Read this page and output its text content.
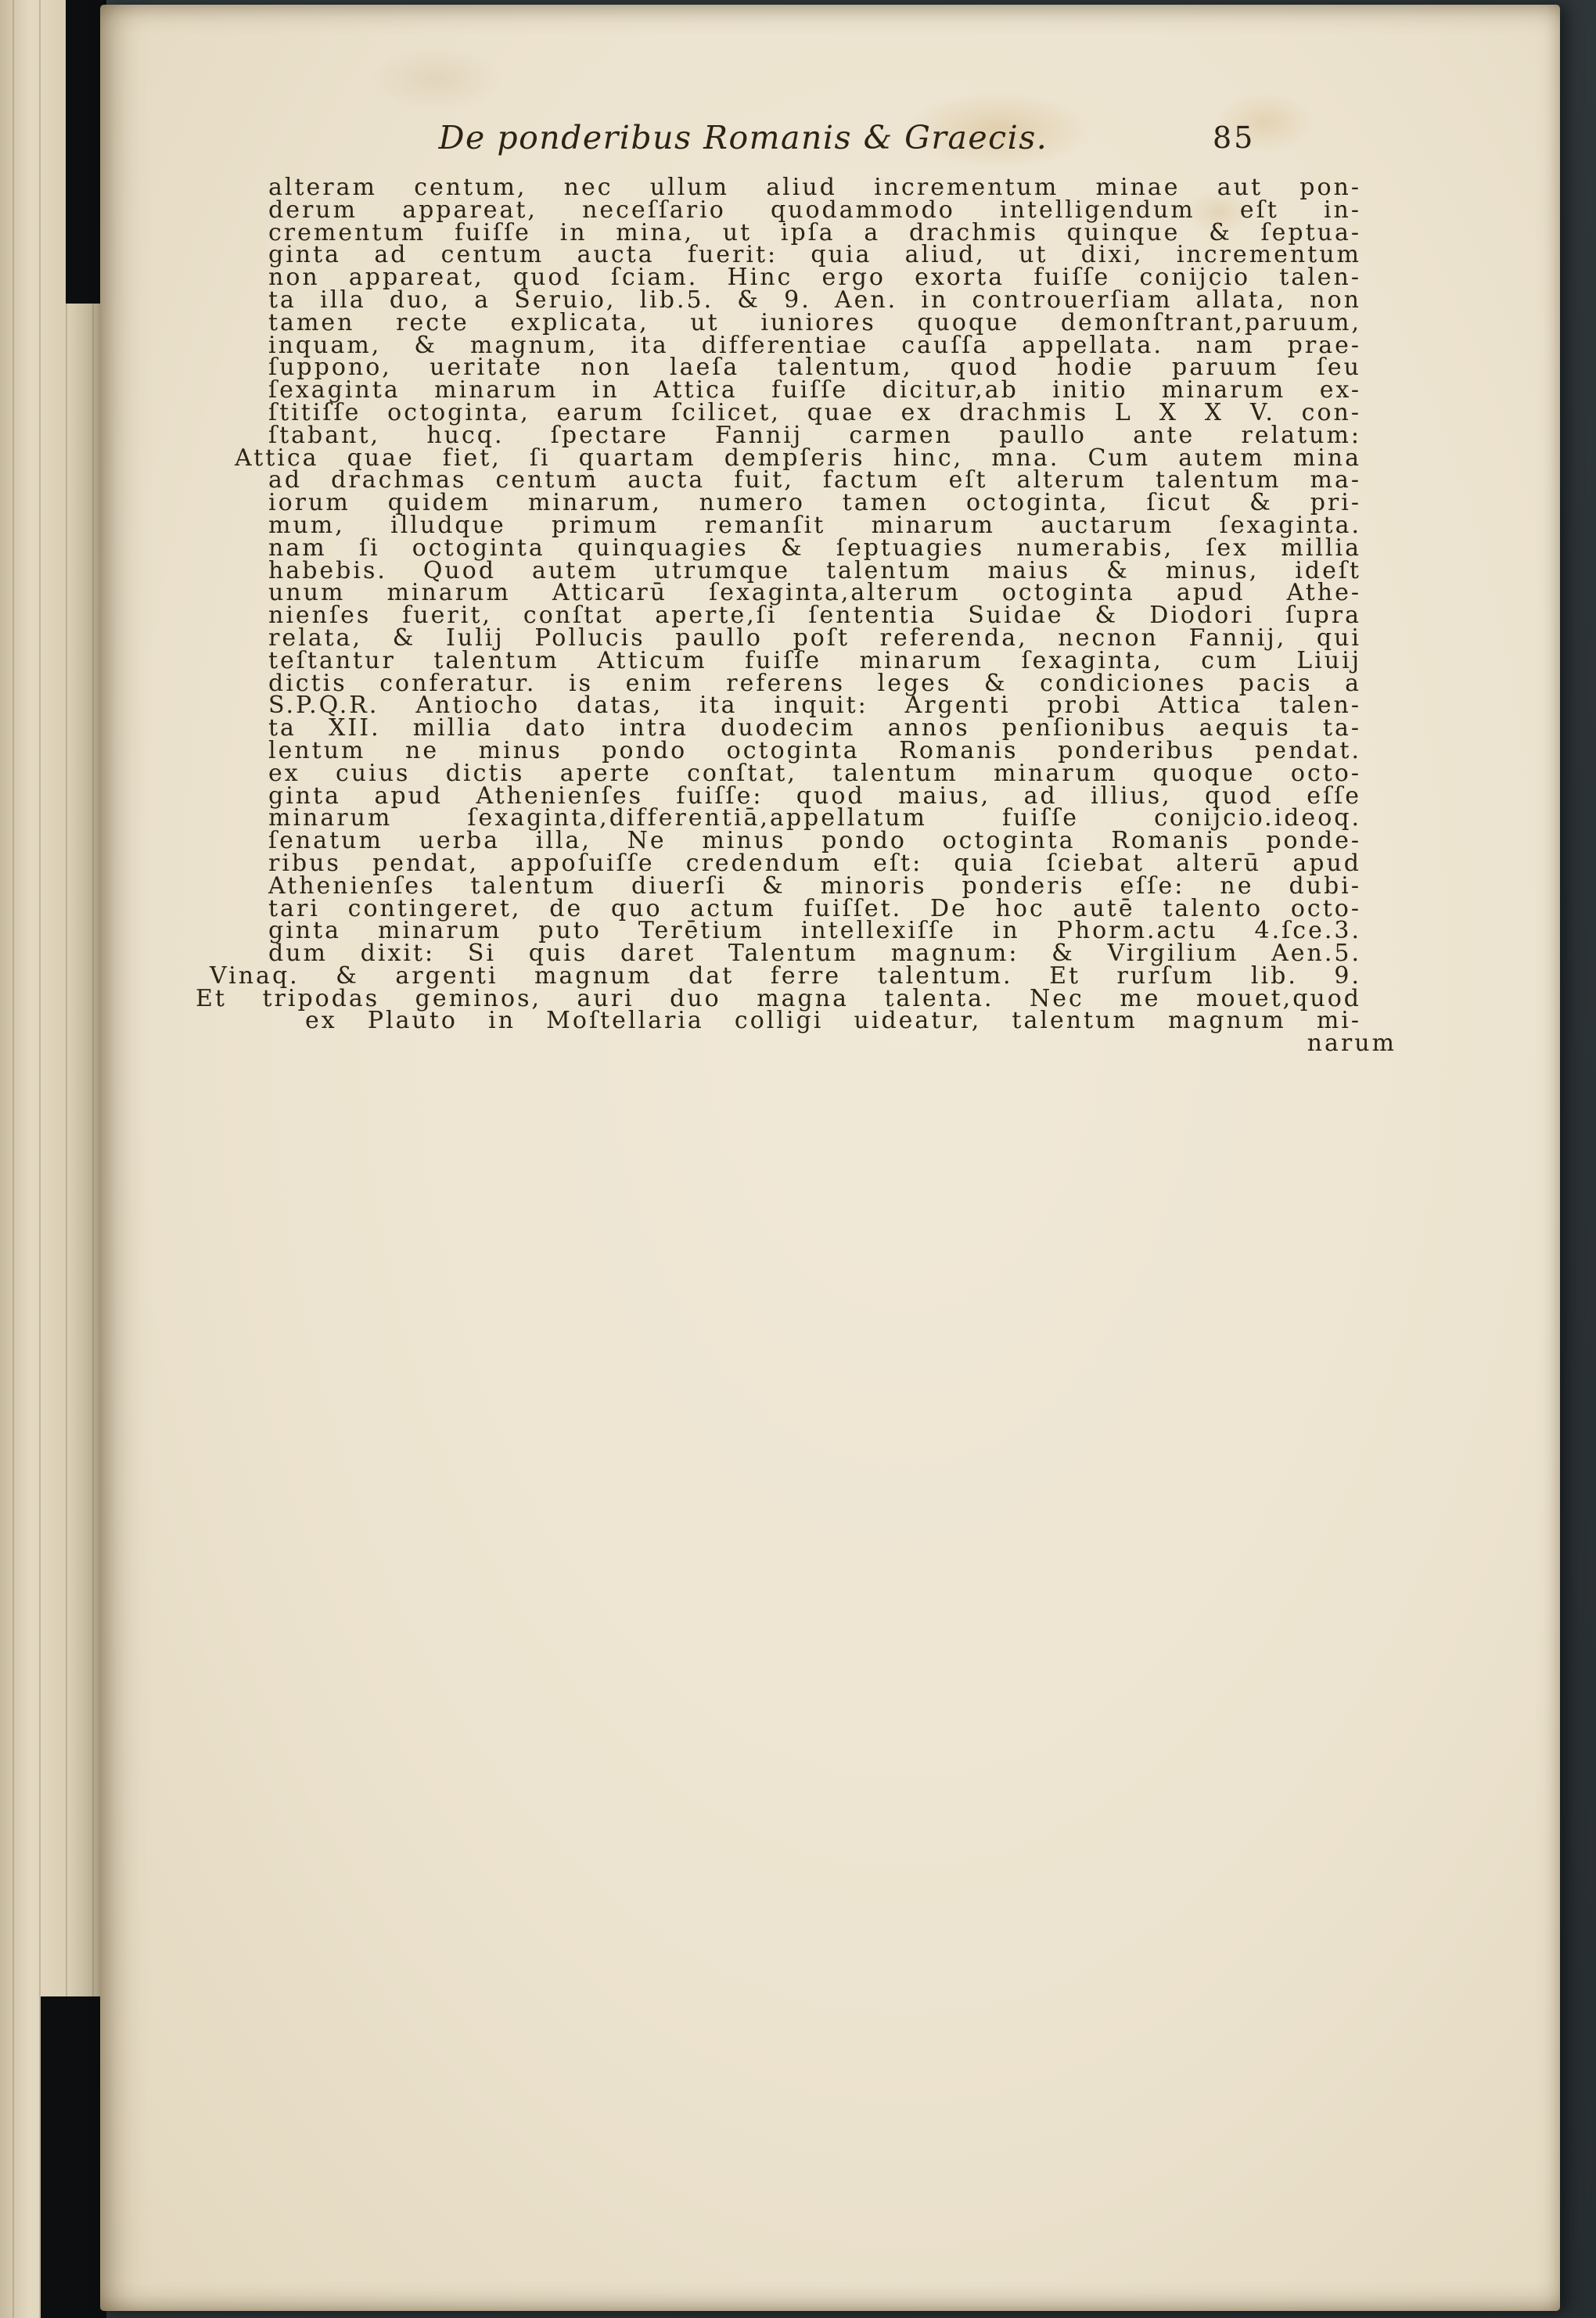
De ponderibus Romanis & Graecis.	85
alteram centum, nec ullum aliud incrementum minae aut pon-
derum appareat, neceſſario quodammodo intelligendum eſt in-
crementum fuiſſe in mina, ut ipſa a drachmis quinque & ſeptua-
ginta ad centum aucta fuerit: quia aliud, ut dixi, incrementum
non appareat, quod ſciam. Hinc ergo exorta fuiſſe conijcio talen-
ta illa duo, a Seruio, lib.5. & 9. Aen. in controuerſiam allata, non
tamen recte explicata, ut iuniores quoque demonſtrant,paruum,
inquam, & magnum, ita differentiae cauſſa appellata. nam prae-
ſuppono, ueritate non laeſa talentum, quod hodie paruum ſeu
ſexaginta minarum in Attica fuiſſe dicitur,ab initio minarum ex-
ſtitiſſe octoginta, earum ſcilicet, quae ex drachmis L X X V. con-
ſtabant, hucq. ſpectare Fannij carmen paullo ante relatum:
Attica quae fiet, ſi quartam dempſeris hinc, mna. Cum autem mina
ad drachmas centum aucta fuit, factum eſt alterum talentum ma-
iorum quidem minarum, numero tamen octoginta, ſicut & pri-
mum, illudque primum remanſit minarum auctarum ſexaginta.
nam ſi octoginta quinquagies & ſeptuagies numerabis, ſex millia
habebis. Quod autem utrumque talentum maius & minus, ideſt
unum minarum Atticarū ſexaginta,alterum octoginta apud Athe-
nienſes fuerit, conſtat aperte,ſi ſententia Suidae & Diodori ſupra
relata, & Iulij Pollucis paullo poſt referenda, necnon Fannij, qui
teſtantur talentum Atticum fuiſſe minarum ſexaginta, cum Liuij
dictis conferatur. is enim referens leges & condiciones pacis a
S.P.Q.R. Antiocho datas, ita inquit: Argenti probi Attica talen-
ta XII. millia dato intra duodecim annos penſionibus aequis ta-
lentum ne minus pondo octoginta Romanis ponderibus pendat.
ex cuius dictis aperte conſtat, talentum minarum quoque octo-
ginta apud Athenienſes fuiſſe: quod maius, ad illius, quod eſſe
minarum ſexaginta,differentiā,appellatum fuiſſe conijcio.ideoq.
ſenatum uerba illa, Ne minus pondo octoginta Romanis ponde-
ribus pendat, appoſuiſſe credendum eſt: quia ſciebat alterū apud
Athenienſes talentum diuerſi & minoris ponderis eſſe: ne dubi-
tari contingeret, de quo actum fuiſſet. De hoc autē talento octo-
ginta minarum puto Terētium intellexiſſe in Phorm.actu 4.ſce.3.
dum dixit: Si quis daret Talentum magnum: & Virgilium Aen.5.
Vinaq. & argenti magnum dat ferre talentum. Et rurſum lib. 9.
Et tripodas geminos, auri duo magna talenta. Nec me mouet,quod
ex Plauto in Moſtellaria colligi uideatur, talentum magnum mi-
narum
